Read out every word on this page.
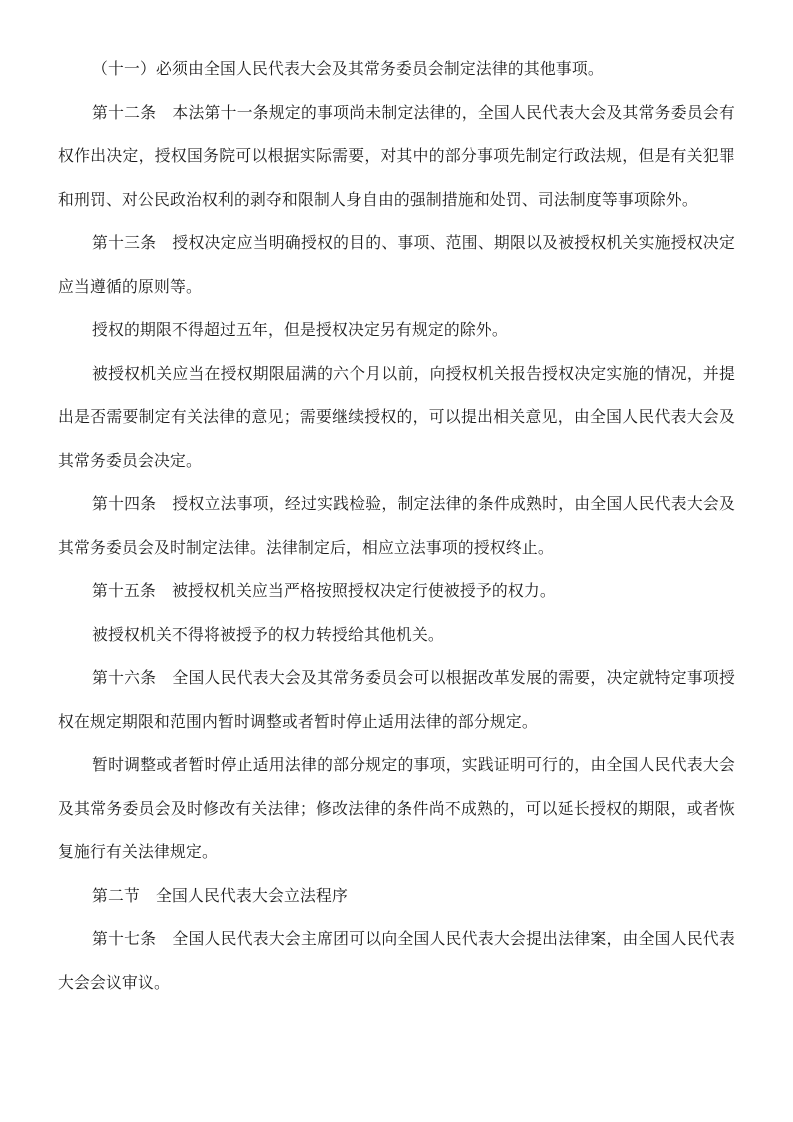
（十一）必须由全国人民代表大会及其常务委员会制定法律的其他事项。

第十二条　本法第十一条规定的事项尚未制定法律的，全国人民代表大会及其常务委员会有权作出决定，授权国务院可以根据实际需要，对其中的部分事项先制定行政法规，但是有关犯罪和刑罚、对公民政治权利的剥夺和限制人身自由的强制措施和处罚、司法制度等事项除外。

第十三条　授权决定应当明确授权的目的、事项、范围、期限以及被授权机关实施授权决定应当遵循的原则等。

授权的期限不得超过五年，但是授权决定另有规定的除外。

被授权机关应当在授权期限届满的六个月以前，向授权机关报告授权决定实施的情况，并提出是否需要制定有关法律的意见；需要继续授权的，可以提出相关意见，由全国人民代表大会及其常务委员会决定。

第十四条　授权立法事项，经过实践检验，制定法律的条件成熟时，由全国人民代表大会及其常务委员会及时制定法律。法律制定后，相应立法事项的授权终止。

第十五条　被授权机关应当严格按照授权决定行使被授予的权力。

被授权机关不得将被授予的权力转授给其他机关。

第十六条　全国人民代表大会及其常务委员会可以根据改革发展的需要，决定就特定事项授权在规定期限和范围内暂时调整或者暂时停止适用法律的部分规定。

暂时调整或者暂时停止适用法律的部分规定的事项，实践证明可行的，由全国人民代表大会及其常务委员会及时修改有关法律；修改法律的条件尚不成熟的，可以延长授权的期限，或者恢复施行有关法律规定。

第二节　全国人民代表大会立法程序

第十七条　全国人民代表大会主席团可以向全国人民代表大会提出法律案，由全国人民代表大会会议审议。
